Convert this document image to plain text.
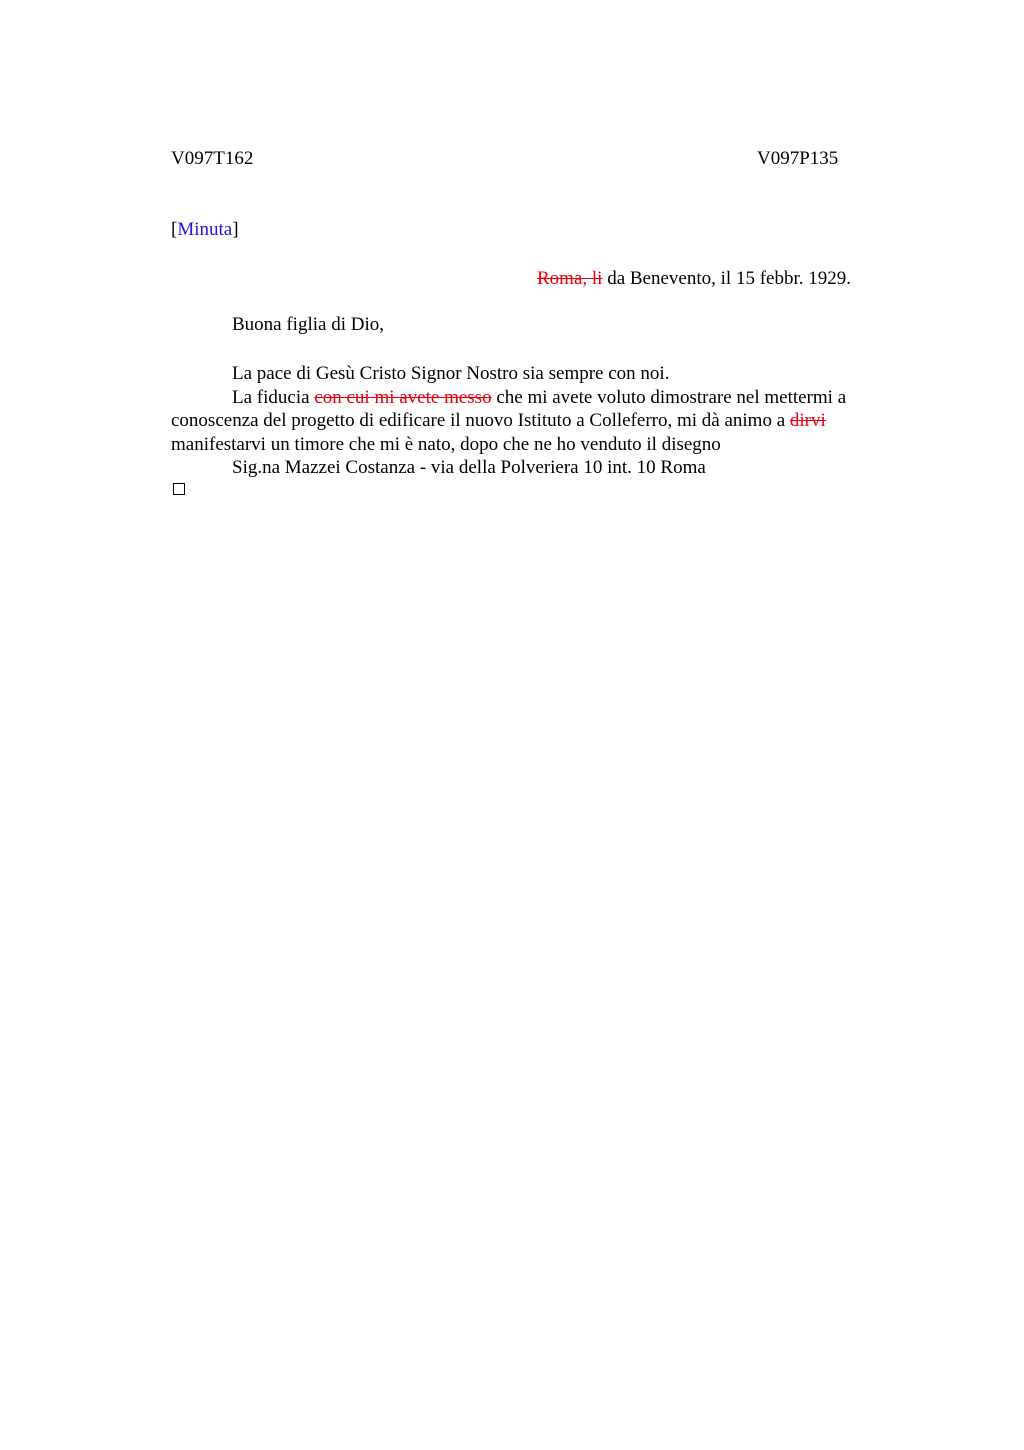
V097T162	V097P135
[Minuta]
Roma, li da Benevento, il 15 febbr. 1929.
Buona figlia di Dio,

La pace di Gesù Cristo Signor Nostro sia sempre con noi.

La fiducia con cui mi avete messo che mi avete voluto dimostrare nel mettermi a

conoscenza del progetto di edificare il nuovo Istituto a Colleferro, mi dà animo a dirvi

manifestarvi un timore che mi è nato, dopo che ne ho venduto il disegno

Sig.na Mazzei Costanza - via della Polveriera 10 int. 10 Roma
